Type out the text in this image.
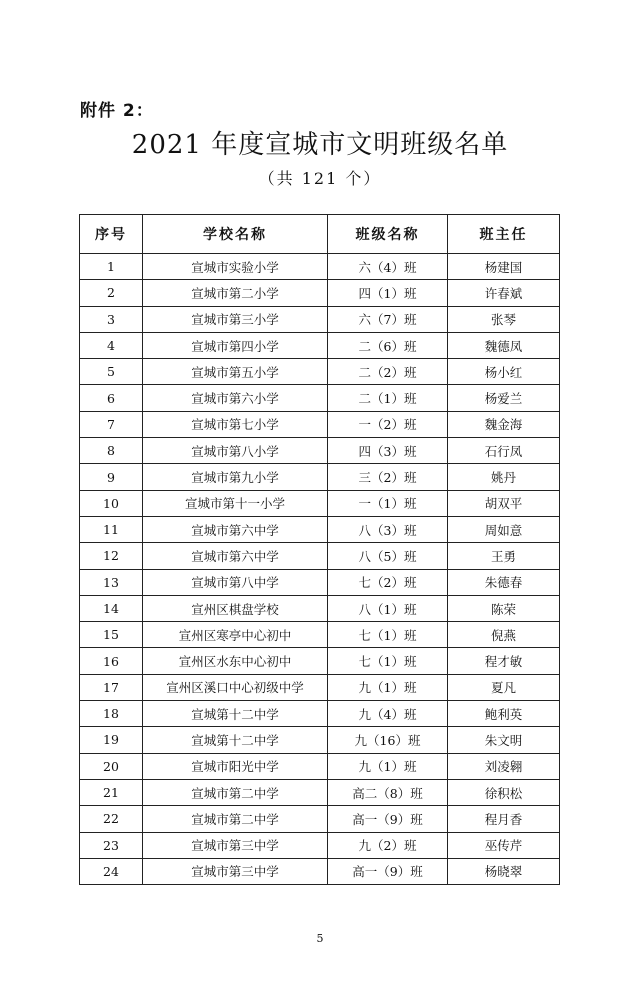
附件 2：
2021 年度宣城市文明班级名单
（共 121 个）
序号	学校名称	班级名称	班主任
1	宣城市实验小学	六（4）班	杨建国
2	宣城市第二小学	四（1）班	许春斌
3	宣城市第三小学	六（7）班	张琴
4	宣城市第四小学	二（6）班	魏德凤
5	宣城市第五小学	二（2）班	杨小红
6	宣城市第六小学	二（1）班	杨爱兰
7	宣城市第七小学	一（2）班	魏金海
8	宣城市第八小学	四（3）班	石行凤
9	宣城市第九小学	三（2）班	姚丹
10	宣城市第十一小学	一（1）班	胡双平
11	宣城市第六中学	八（3）班	周如意
12	宣城市第六中学	八（5）班	王勇
13	宣城市第八中学	七（2）班	朱德春
14	宣州区棋盘学校	八（1）班	陈荣
15	宣州区寒亭中心初中	七（1）班	倪燕
16	宣州区水东中心初中	七（1）班	程才敏
17	宣州区溪口中心初级中学	九（1）班	夏凡
18	宣城第十二中学	九（4）班	鲍利英
19	宣城第十二中学	九（16）班	朱文明
20	宣城市阳光中学	九（1）班	刘凌翱
21	宣城市第二中学	高二（8）班	徐积松
22	宣城市第二中学	高一（9）班	程月香
23	宣城市第三中学	九（2）班	巫传芹
24	宣城市第三中学	高一（9）班	杨晓翠
5
